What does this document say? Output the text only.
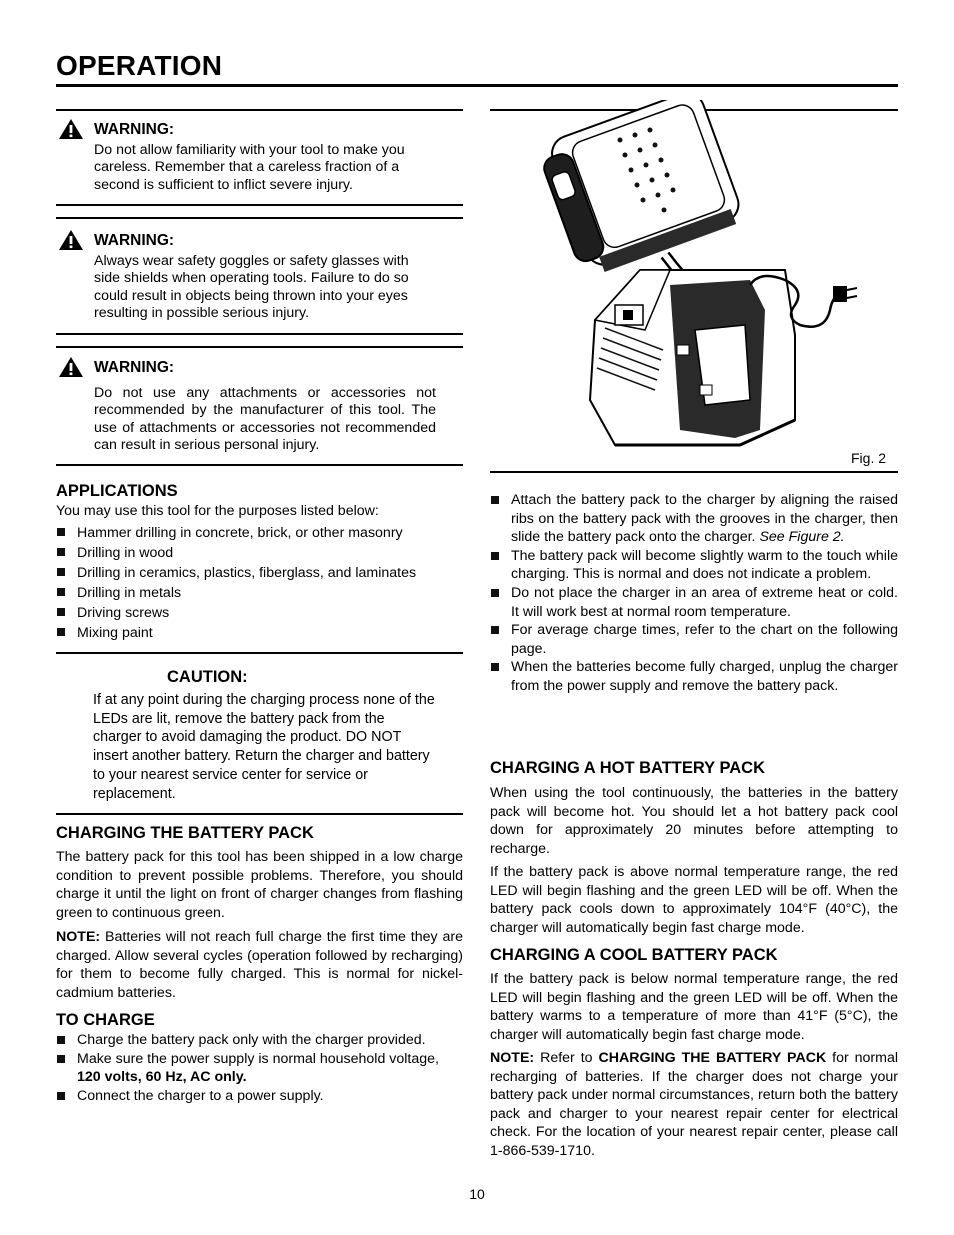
OPERATION
WARNING:
Do not allow familiarity with your tool to make you careless. Remember that a careless fraction of a second is sufficient to inflict severe injury.
WARNING:
Always wear safety goggles or safety glasses with side shields when operating tools. Failure to do so could result in objects being thrown into your eyes resulting in possible serious injury.
WARNING:
Do not use any attachments or accessories not recommended by the manufacturer of this tool. The use of attachments or accessories not recommended can result in serious personal injury.
APPLICATIONS
You may use this tool for the purposes listed below:
Hammer drilling in concrete, brick, or other masonry
Drilling in wood
Drilling in ceramics, plastics, fiberglass, and laminates
Drilling in metals
Driving screws
Mixing paint
CAUTION:
If at any point during the charging process none of the LEDs are lit, remove the battery pack from the charger to avoid damaging the product. DO NOT insert another battery. Return the charger and battery to your nearest service center for service or replacement.
CHARGING THE BATTERY PACK
The battery pack for this tool has been shipped in a low charge condition to prevent possible problems. Therefore, you should charge it until the light on front of charger changes from flashing green to continuous green.
NOTE: Batteries will not reach full charge the first time they are charged. Allow several cycles (operation followed by recharging) for them to become fully charged. This is normal for nickel-cadmium batteries.
TO CHARGE
Charge the battery pack only with the charger provided.
Make sure the power supply is normal household voltage,
120 volts, 60 Hz, AC only.
Connect the charger to a power supply.
Fig. 2
Attach the battery pack to the charger by aligning the raised ribs on the battery pack with the grooves in the charger, then slide the battery pack onto the charger. See Figure 2.
The battery pack will become slightly warm to the touch while charging. This is normal and does not indicate a problem.
Do not place the charger in an area of extreme heat or cold. It will work best at normal room temperature.
For average charge times, refer to the chart on the following page.
When the batteries become fully charged, unplug the charger from the power supply and remove the battery pack.
CHARGING A HOT BATTERY PACK
When using the tool continuously, the batteries in the battery pack will become hot. You should let a hot battery pack cool down for approximately 20 minutes before attempting to recharge.
If the battery pack is above normal temperature range, the red LED will begin flashing and the green LED will be off. When the battery pack cools down to approximately 104°F (40°C), the charger will automatically begin fast charge mode.
CHARGING A COOL BATTERY PACK
If the battery pack is below normal temperature range, the red LED will begin flashing and the green LED will be off. When the battery warms to a temperature of more than 41°F (5°C), the charger will automatically begin fast charge mode.
NOTE: Refer to CHARGING THE BATTERY PACK for normal recharging of batteries. If the charger does not charge your battery pack under normal circumstances, return both the battery pack and charger to your nearest repair center for electrical check. For the location of your nearest repair center, please call 1-866-539-1710.
10
